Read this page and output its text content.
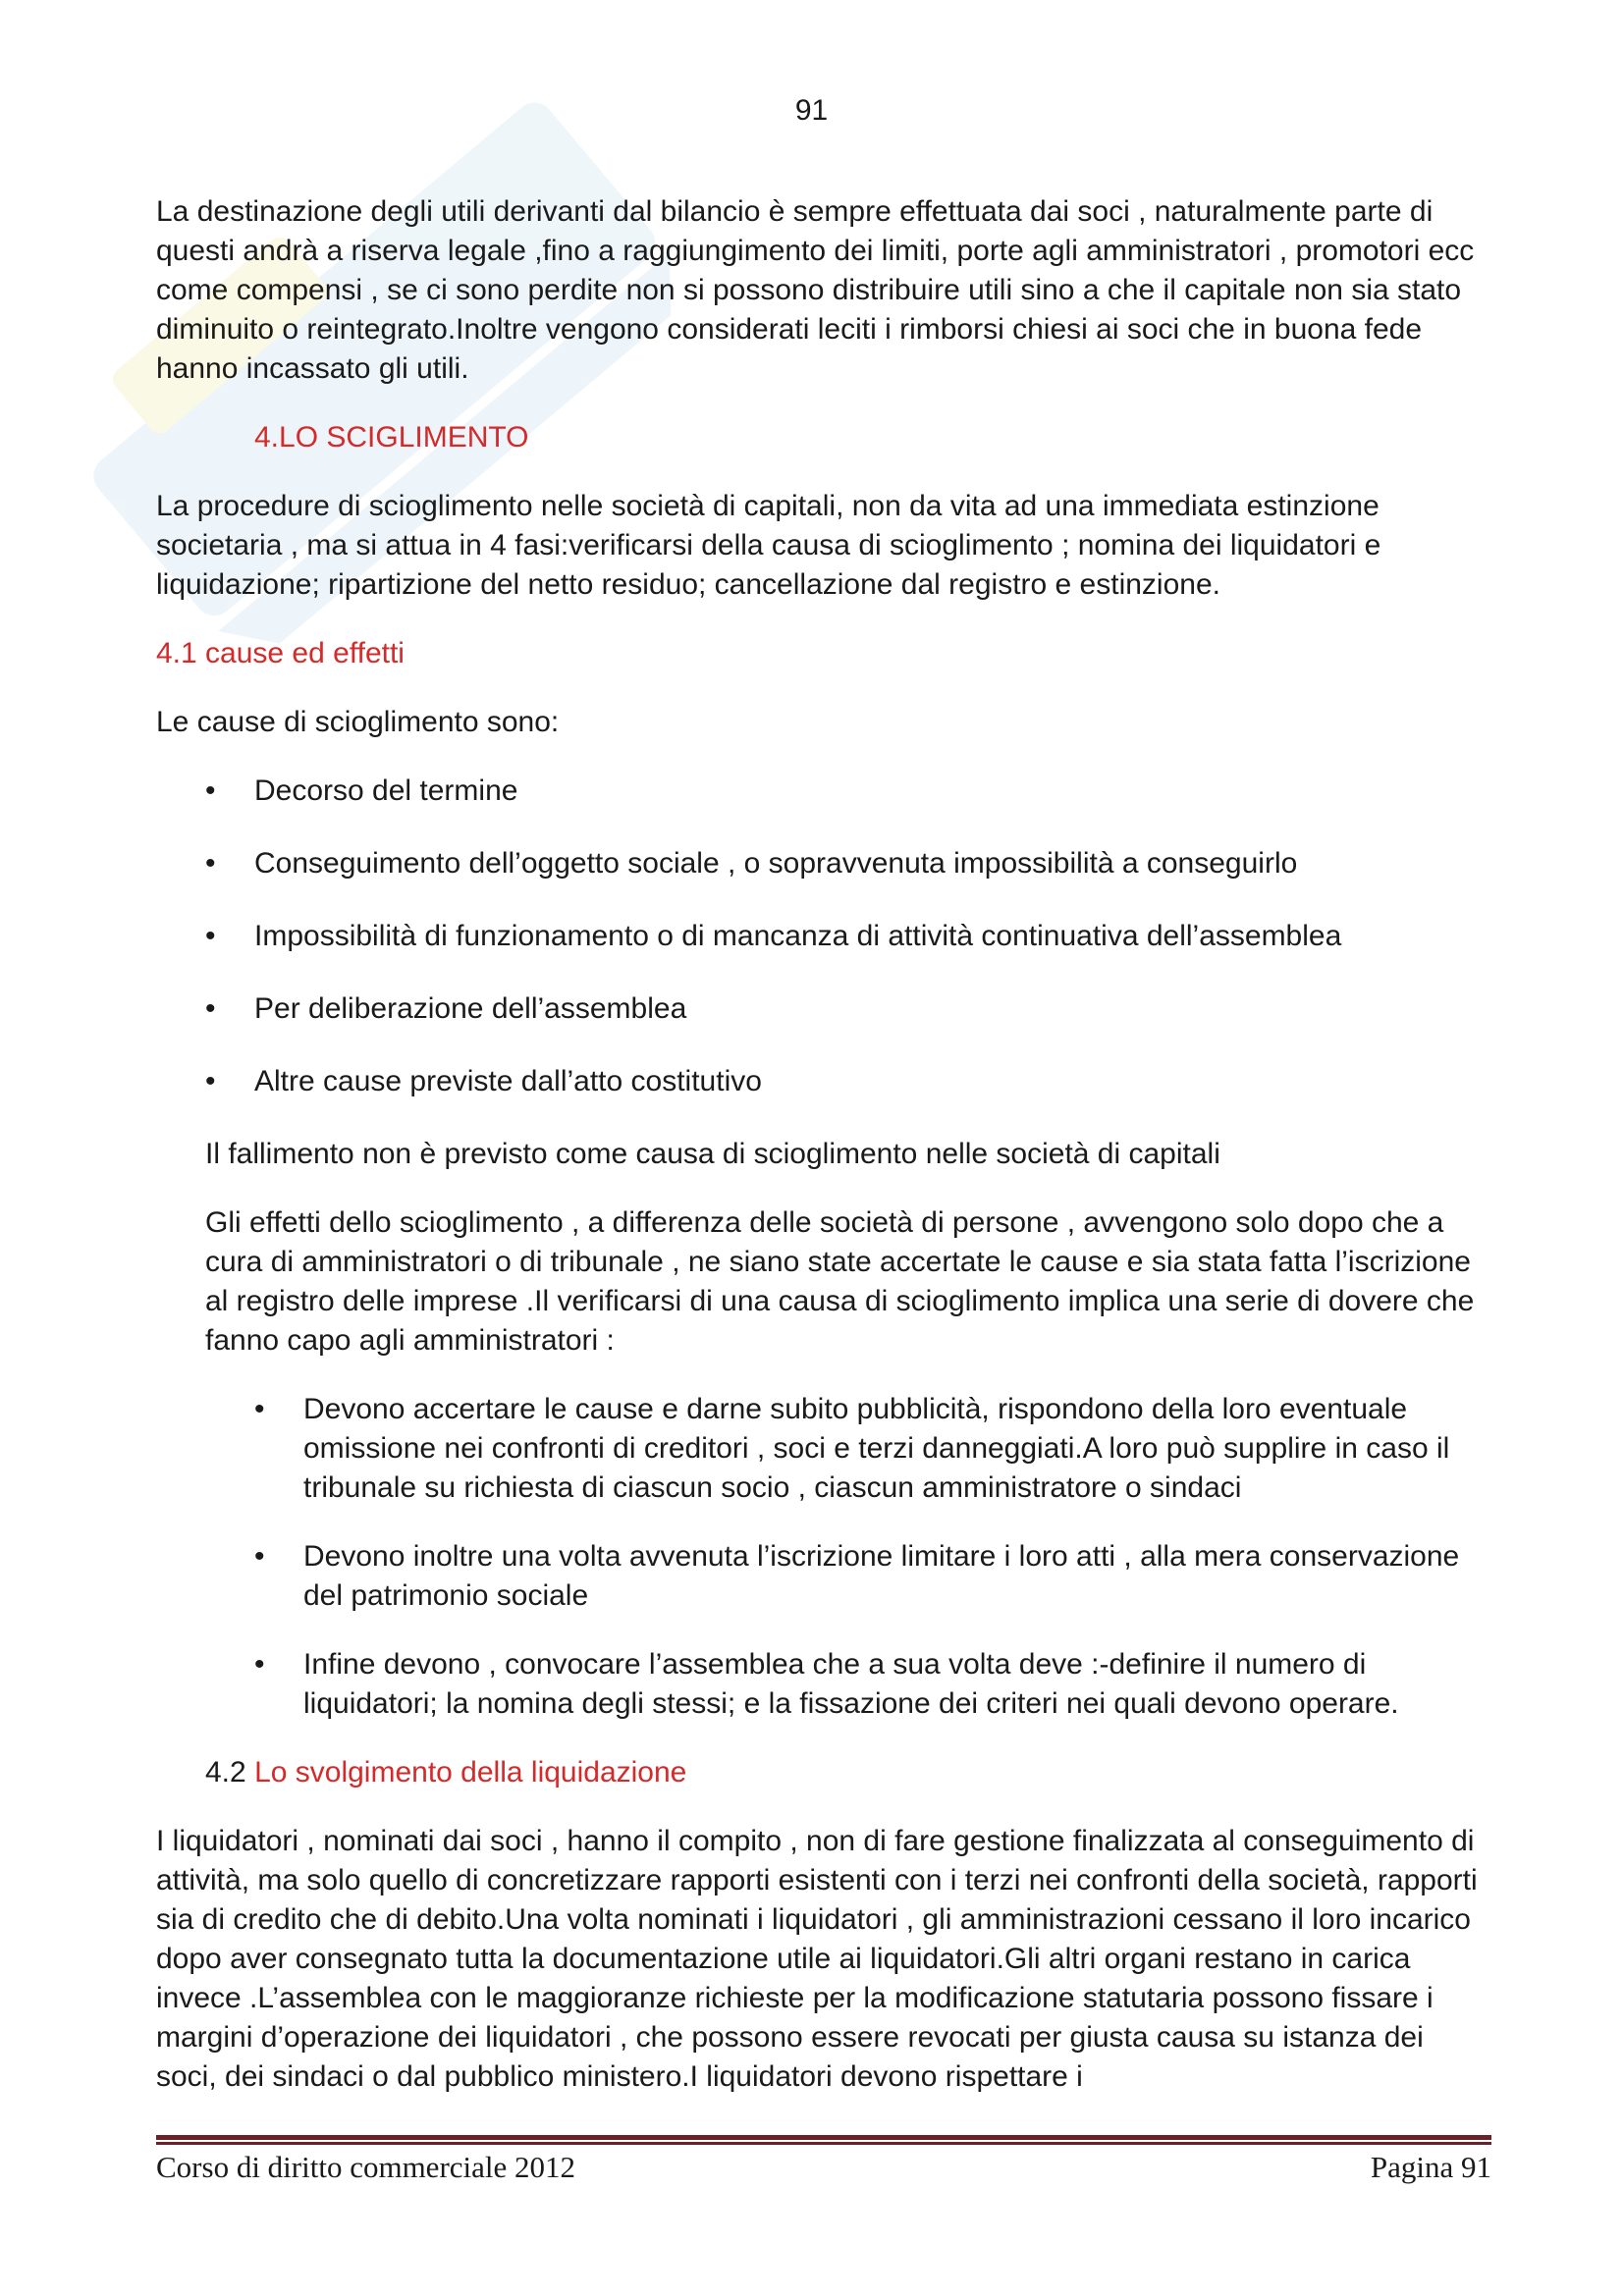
91

La destinazione degli utili derivanti dal bilancio è sempre effettuata dai soci , naturalmente parte di questi andrà a riserva legale ,fino a raggiungimento dei limiti, porte agli amministratori , promotori ecc come compensi , se ci sono perdite non si possono distribuire utili sino a che il capitale non sia stato diminuito o reintegrato.Inoltre vengono considerati leciti i rimborsi chiesi ai soci che in buona fede hanno incassato gli utili.

4.LO SCIGLIMENTO

La procedure di scioglimento nelle società di capitali, non da vita ad una immediata estinzione societaria , ma si attua in 4 fasi:verificarsi della causa di scioglimento ; nomina dei liquidatori e liquidazione; ripartizione del netto residuo; cancellazione dal registro e estinzione.

4.1 cause ed effetti

Le cause di scioglimento sono:

• Decorso del termine
• Conseguimento dell’oggetto sociale , o sopravvenuta impossibilità a conseguirlo
• Impossibilità di funzionamento o di mancanza di attività continuativa dell’assemblea
• Per deliberazione dell’assemblea
• Altre cause previste dall’atto costitutivo

Il fallimento non è previsto come causa di scioglimento nelle società di capitali

Gli effetti dello scioglimento , a differenza delle società di persone , avvengono solo dopo che a cura di amministratori o di tribunale , ne siano state accertate le cause e sia stata fatta l’iscrizione al registro delle imprese .Il verificarsi di una causa di scioglimento implica una serie di dovere che fanno capo agli amministratori :

• Devono accertare le cause e darne subito pubblicità, rispondono della loro eventuale omissione nei confronti di creditori , soci e terzi danneggiati.A loro può supplire in caso il tribunale su richiesta di ciascun socio , ciascun amministratore o sindaci
• Devono inoltre una volta avvenuta l’iscrizione limitare i loro atti , alla mera conservazione del patrimonio sociale
• Infine devono , convocare l’assemblea che a sua volta deve :-definire il numero di liquidatori; la nomina degli stessi; e la fissazione dei criteri nei quali devono operare.

4.2 Lo svolgimento della liquidazione

I liquidatori , nominati dai soci , hanno il compito , non di fare gestione finalizzata al conseguimento di attività, ma solo quello di concretizzare rapporti esistenti con i terzi nei confronti della società, rapporti sia di credito che di debito.Una volta nominati i liquidatori , gli amministrazioni cessano il loro incarico dopo aver consegnato tutta la documentazione utile ai liquidatori.Gli altri organi restano in carica invece .L’assemblea con le maggioranze richieste per la modificazione statutaria possono fissare i margini d’operazione dei liquidatori , che possono essere revocati per giusta causa su istanza dei soci, dei sindaci o dal pubblico ministero.I liquidatori devono rispettare i

Corso di diritto commerciale 2012	Pagina 91
